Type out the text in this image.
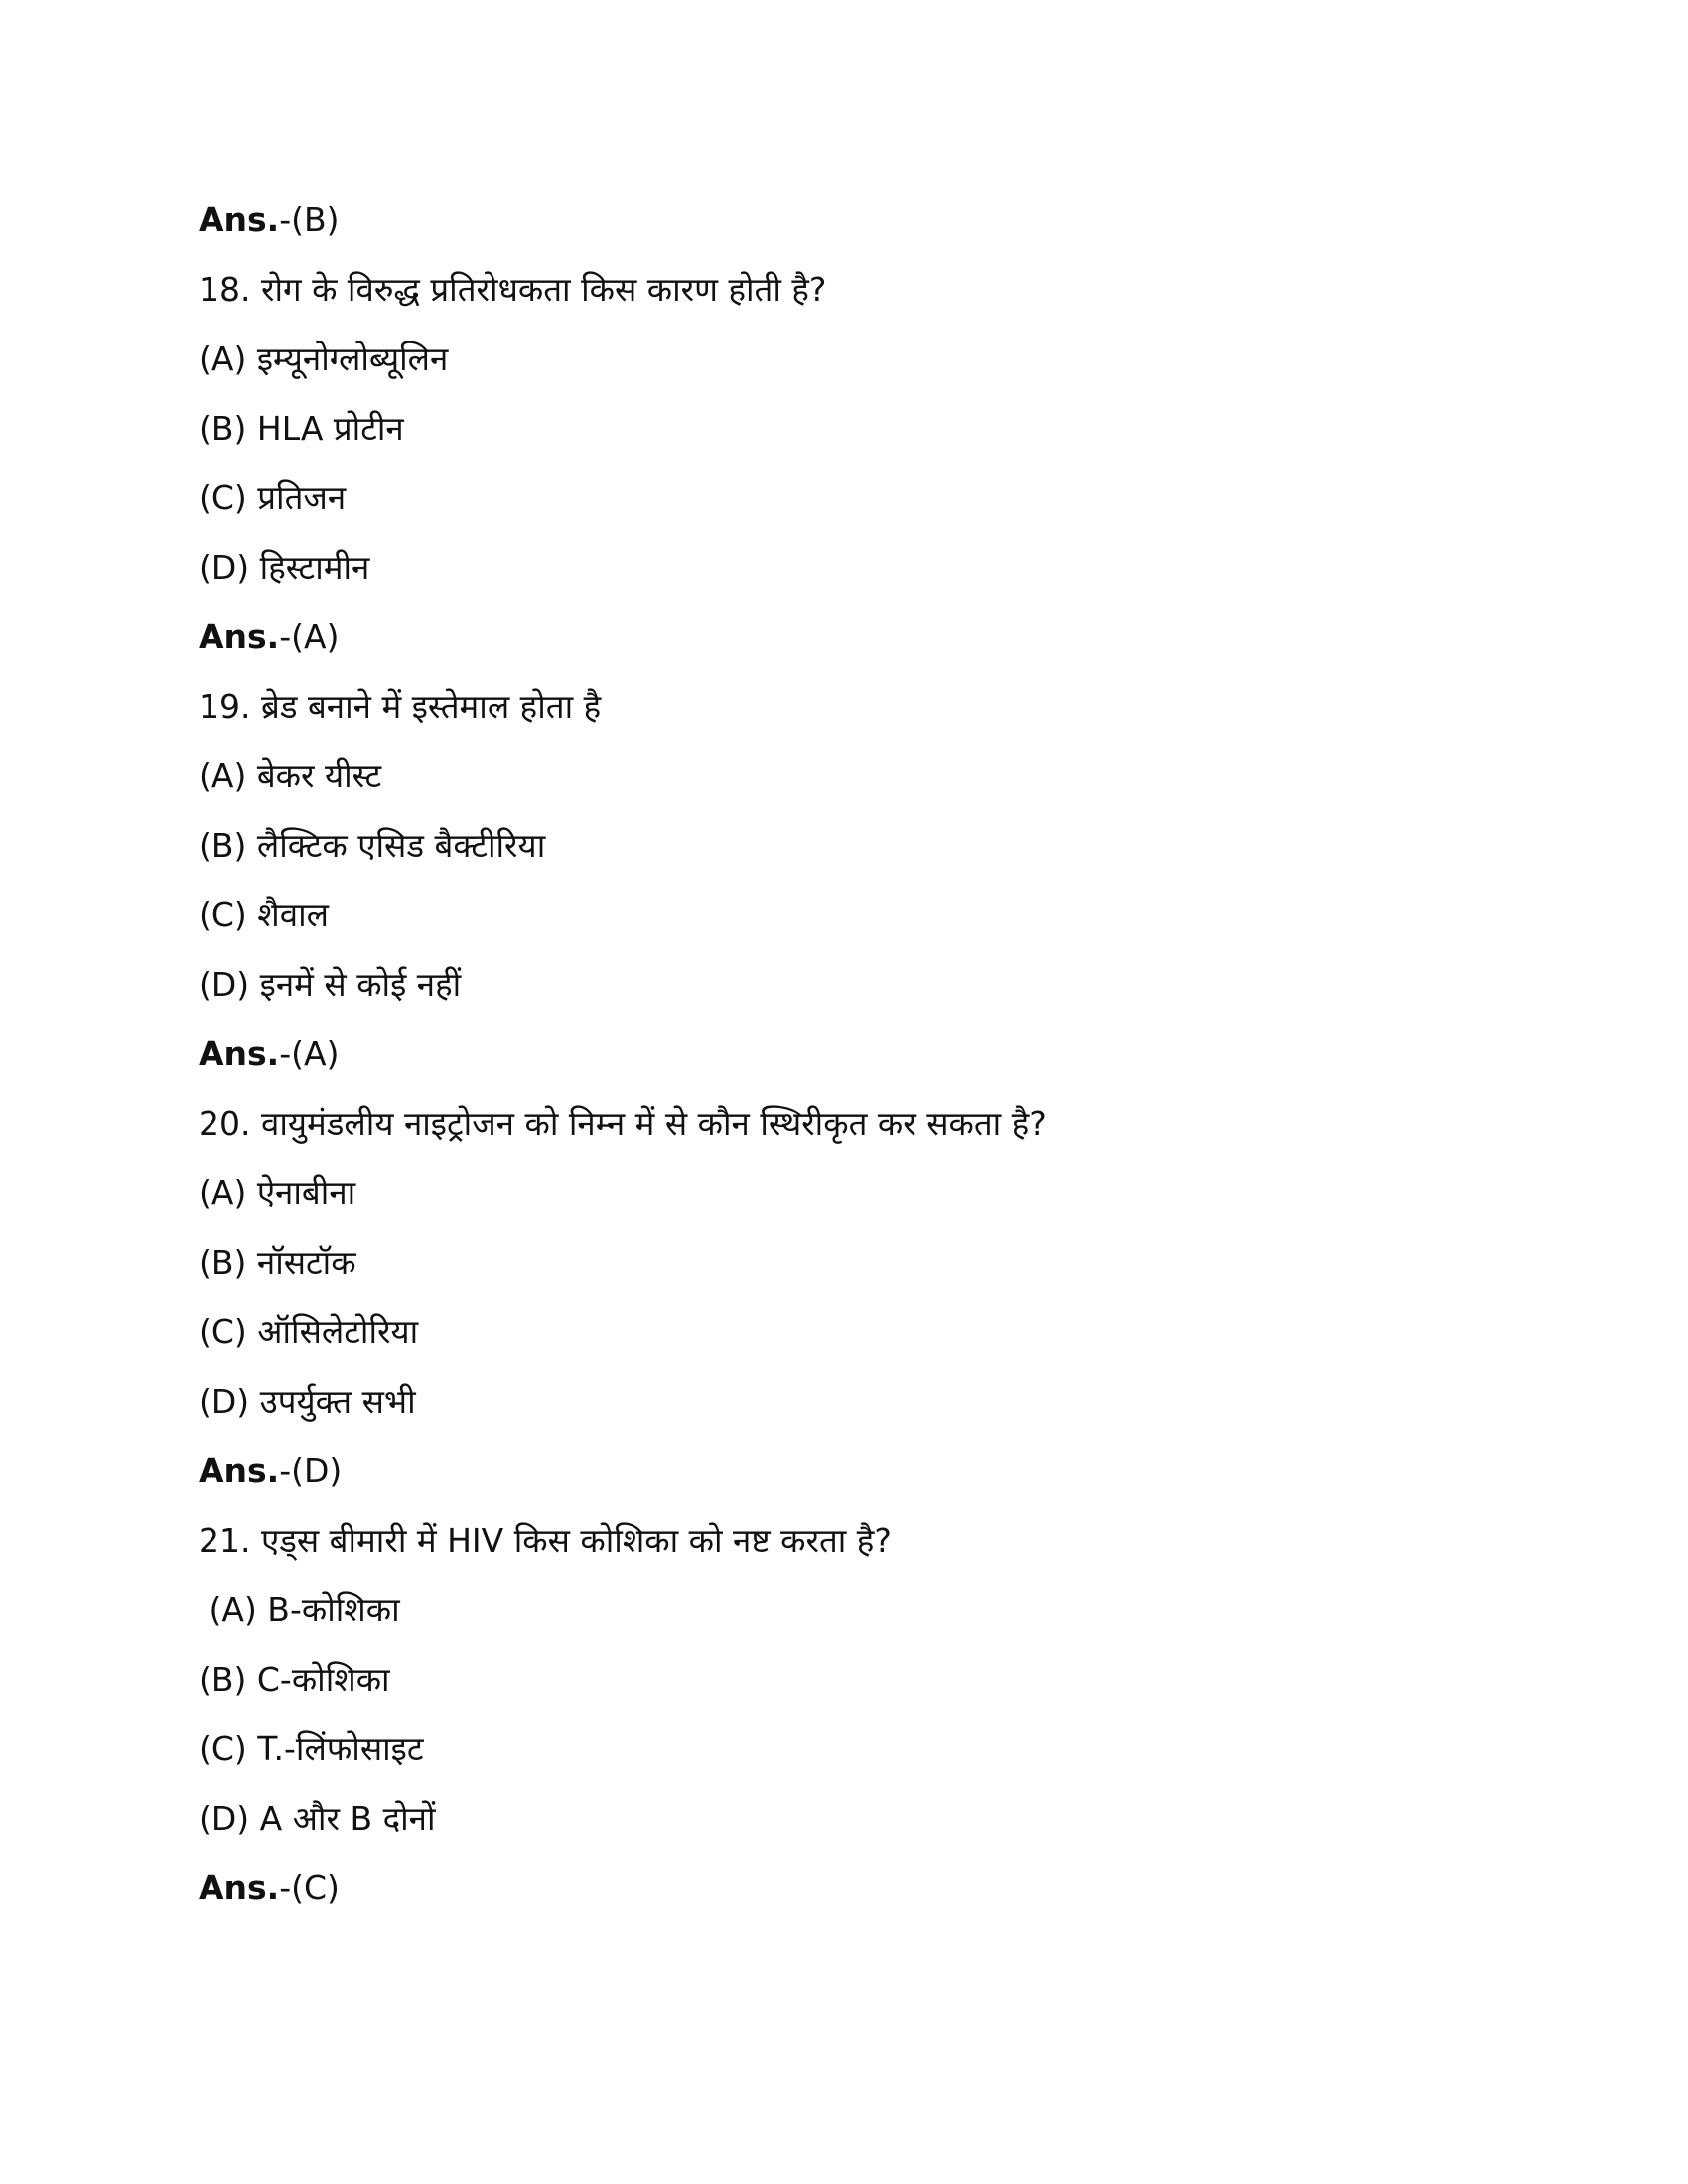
Ans.-(B)
18. रोग के विरुद्ध प्रतिरोधकता किस कारण होती है?
(A) इम्यूनोग्लोब्यूलिन
(B) HLA प्रोटीन
(C) प्रतिजन
(D) हिस्टामीन
Ans.-(A)
19. ब्रेड बनाने में इस्तेमाल होता है
(A) बेकर यीस्ट
(B) लैक्टिक एसिड बैक्टीरिया
(C) शैवाल
(D) इनमें से कोई नहीं
Ans.-(A)
20. वायुमंडलीय नाइट्रोजन को निम्न में से कौन स्थिरीकृत कर सकता है?
(A) ऐनाबीना
(B) नॉसटॉक
(C) ऑसिलेटोरिया
(D) उपर्युक्त सभी
Ans.-(D)
21. एड्स बीमारी में HIV किस कोशिका को नष्ट करता है?
(A) B-कोशिका
(B) C-कोशिका
(C) T.-लिंफोसाइट
(D) A और B दोनों
Ans.-(C)
